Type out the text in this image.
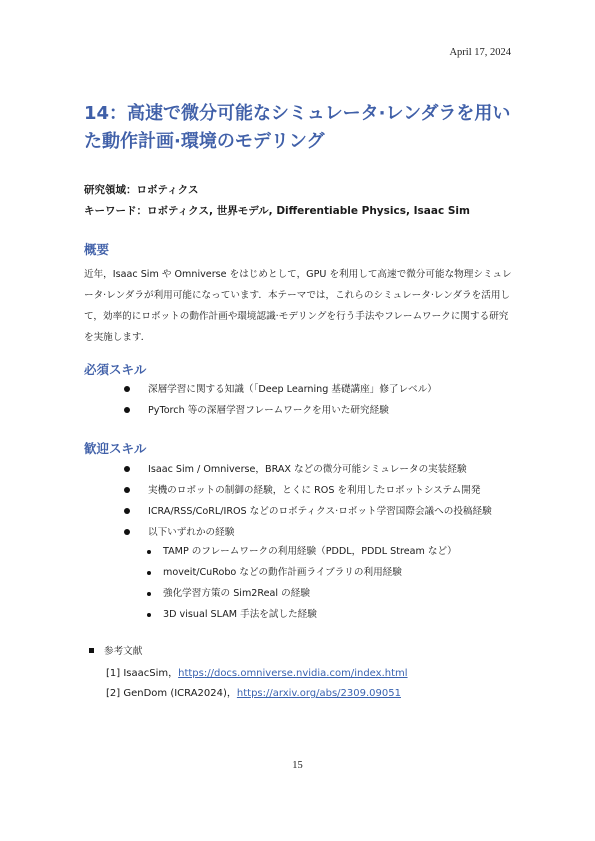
April 17, 2024
14：高速で微分可能なシミュレータ·レンダラを用いた動作計画·環境のモデリング
研究領域：ロボティクス
キーワード：ロボティクス, 世界モデル, Differentiable Physics, Isaac Sim
概要

近年，Isaac Sim や Omniverse をはじめとして，GPU を利用して高速で微分可能な物理シミュレータ·レンダラが利用可能になっています．本テーマでは，これらのシミュレータ·レンダラを活用して，効率的にロボットの動作計画や環境認識·モデリングを行う手法やフレームワークに関する研究を実施します．

必須スキル
深層学習に関する知識（「Deep Learning 基礎講座」修了レベル）
PyTorch 等の深層学習フレームワークを用いた研究経験
歓迎スキル
Isaac Sim / Omniverse，BRAX などの微分可能シミュレータの実装経験
実機のロボットの制御の経験，とくに ROS を利用したロボットシステム開発
ICRA/RSS/CoRL/IROS などのロボティクス·ロボット学習国際会議への投稿経験
以下いずれかの経験
TAMP のフレームワークの利用経験（PDDL，PDDL Stream など）
moveit/CuRobo などの動作計画ライブラリの利用経験
強化学習方策の Sim2Real の経験
3D visual SLAM 手法を試した経験
参考文献
[1] IsaacSim，https://docs.omniverse.nvidia.com/index.html
[2] GenDom (ICRA2024)，https://arxiv.org/abs/2309.09051
15
